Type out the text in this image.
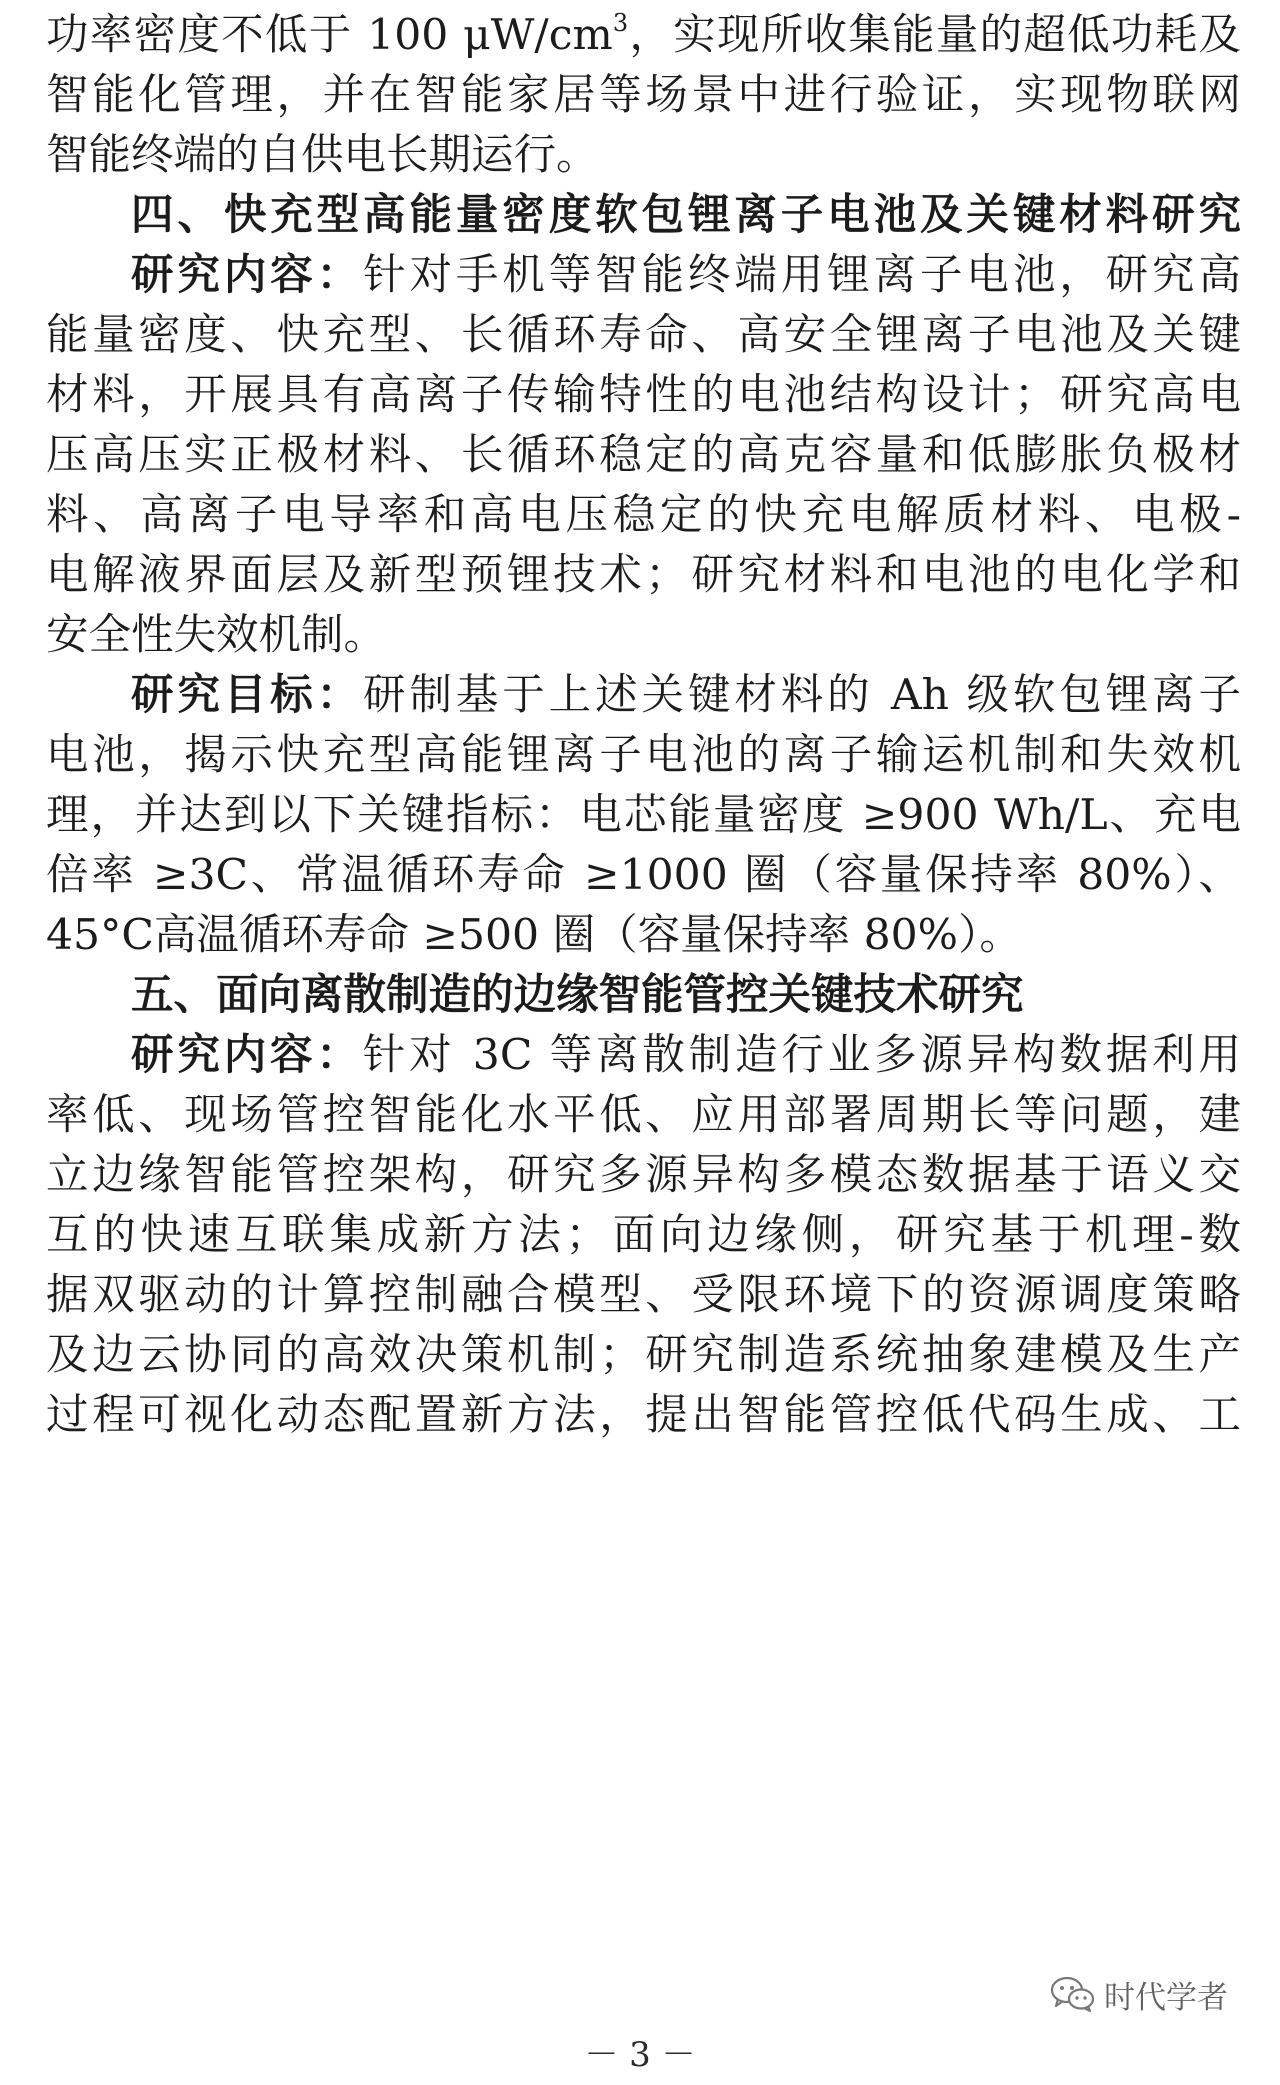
功率密度不低于 100 $\mu W/cm^3$，实现所收集能量的超低功耗及
智能化管理，并在智能家居等场景中进行验证，实现物联网
智能终端的自供电长期运行。
四、快充型高能量密度软包锂离子电池及关键材料研究
研究内容：针对手机等智能终端用锂离子电池，研究高
能量密度、快充型、长循环寿命、高安全锂离子电池及关键
材料，开展具有高离子传输特性的电池结构设计；研究高电
压高压实正极材料、长循环稳定的高克容量和低膨胀负极材
料、高离子电导率和高电压稳定的快充电解质材料、电极-
电解液界面层及新型预锂技术；研究材料和电池的电化学和
安全性失效机制。
研究目标：研制基于上述关键材料的 Ah 级软包锂离子
电池，揭示快充型高能锂离子电池的离子输运机制和失效机
理，并达到以下关键指标：电芯能量密度 ≥900 Wh/L、充电
倍率 ≥3C、常温循环寿命 ≥1000 圈（容量保持率 80%）、
45°C高温循环寿命 ≥500 圈（容量保持率 80%）。
五、面向离散制造的边缘智能管控关键技术研究
研究内容：针对 3C 等离散制造行业多源异构数据利用
率低、现场管控智能化水平低、应用部署周期长等问题，建
立边缘智能管控架构，研究多源异构多模态数据基于语义交
互的快速互联集成新方法；面向边缘侧，研究基于机理-数
据双驱动的计算控制融合模型、受限环境下的资源调度策略
及边云协同的高效决策机制；研究制造系统抽象建模及生产
过程可视化动态配置新方法，提出智能管控低代码生成、工
时代学者
－ 3 －
